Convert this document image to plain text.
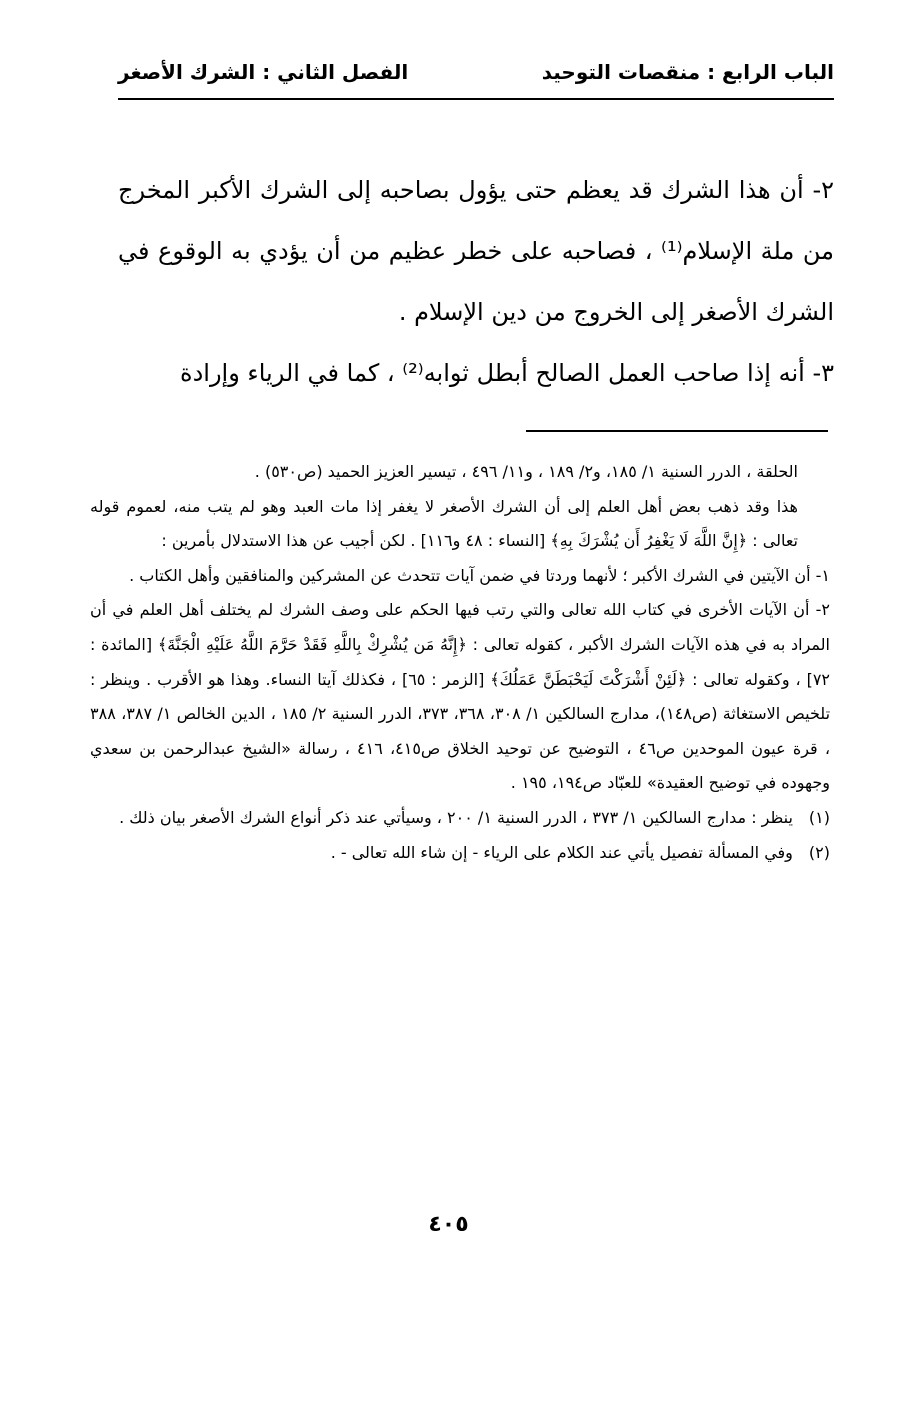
الباب الرابع : منقصات التوحيد
الفصل الثاني : الشرك الأصغر

٢- أن هذا الشرك قد يعظم حتى يؤول بصاحبه إلى الشرك الأكبر المخرج من ملة الإسلام⁽¹⁾ ، فصاحبه على خطر عظيم من أن يؤدي به الوقوع في الشرك الأصغر إلى الخروج من دين الإسلام .

٣- أنه إذا صاحب العمل الصالح أبطل ثوابه⁽²⁾ ، كما في الرياء وإرادة

الحلقة ، الدرر السنية ١/ ١٨٥، و٢/ ١٨٩ ، و١١/ ٤٩٦ ، تيسير العزيز الحميد (ص٥٣٠) .

هذا وقد ذهب بعض أهل العلم إلى أن الشرك الأصغر لا يغفر إذا مات العبد وهو لم يتب منه، لعموم قوله تعالى : ﴿إِنَّ اللَّهَ لَا يَغْفِرُ أَن يُشْرَكَ بِهِ﴾ [النساء : ٤٨ و١١٦] . لكن أجيب عن هذا الاستدلال بأمرين :

١- أن الآيتين في الشرك الأكبر ؛ لأنهما وردتا في ضمن آيات تتحدث عن المشركين والمنافقين وأهل الكتاب .

٢- أن الآيات الأخرى في كتاب الله تعالى والتي رتب فيها الحكم على وصف الشرك لم يختلف أهل العلم في أن المراد به في هذه الآيات الشرك الأكبر ، كقوله تعالى : ﴿إِنَّهُ مَن يُشْرِكْ بِاللَّهِ فَقَدْ حَرَّمَ اللَّهُ عَلَيْهِ الْجَنَّةَ﴾ [المائدة : ٧٢] ، وكقوله تعالى : ﴿لَئِنْ أَشْرَكْتَ لَيَحْبَطَنَّ عَمَلُكَ﴾ [الزمر : ٦٥] ، فكذلك آيتا النساء. وهذا هو الأقرب . وينظر : تلخيص الاستغاثة (ص١٤٨)، مدارج السالكين ١/ ٣٠٨، ٣٦٨، ٣٧٣، الدرر السنية ٢/ ١٨٥ ، الدين الخالص ١/ ٣٨٧، ٣٨٨ ، قرة عيون الموحدين ص٤٦ ، التوضيح عن توحيد الخلاق ص٤١٥، ٤١٦ ، رسالة «الشيخ عبدالرحمن بن سعدي وجهوده في توضيح العقيدة» للعبّاد ص١٩٤، ١٩٥ .

(١) ينظر : مدارج السالكين ١/ ٣٧٣ ، الدرر السنية ١/ ٢٠٠ ، وسيأتي عند ذكر أنواع الشرك الأصغر بيان ذلك .

(٢) وفي المسألة تفصيل يأتي عند الكلام على الرياء - إن شاء الله تعالى - .

٤٠٥
